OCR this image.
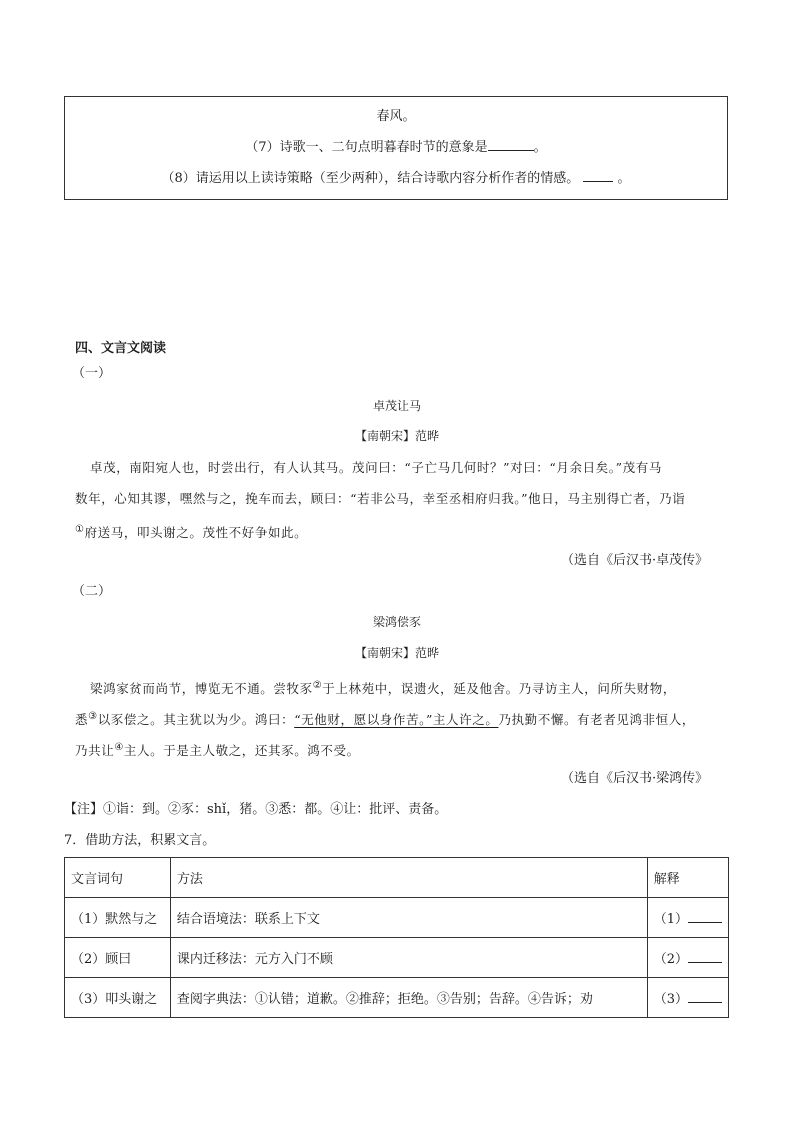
春风。
（7）诗歌一、二句点明暮春时节的意象是	。
（8）请运用以上读诗策略（至少两种），结合诗歌内容分析作者的情感。	。
四、文言文阅读
（一）
卓茂让马
【南朝宋】范晔
卓茂，南阳宛人也，时尝出行，有人认其马。茂问曰：“子亡马几何时？”对曰：“月余日矣。”茂有马
数年，心知其谬，嘿然与之，挽车而去，顾曰：“若非公马，幸至丞相府归我。”他日，马主别得亡者，乃诣
①府送马，叩头谢之。茂性不好争如此。
（选自《后汉书·卓茂传》
（二）
梁鸿偿豕
【南朝宋】范晔
梁鸿家贫而尚节，博览无不通。尝牧豕②于上林苑中，误遗火，延及他舍。乃寻访主人，问所失财物，
悉③以豕偿之。其主犹以为少。鸿曰：“无他财，愿以身作苦。”主人许之。乃执勤不懈。有老者见鸿非恒人，
乃共让④主人。于是主人敬之，还其豕。鸿不受。
（选自《后汉书·梁鸿传》
【注】①诣：到。②豕：shǐ，猪。③悉：都。④让：批评、责备。
7．借助方法，积累文言。
文言词句	方法	解释
（1）默然与之	结合语境法：联系上下文	（1）
（2）顾曰	课内迁移法：元方入门不顾	（2）
（3）叩头谢之	查阅字典法：①认错；道歉。②推辞；拒绝。③告别；告辞。④告诉；劝	（3）
